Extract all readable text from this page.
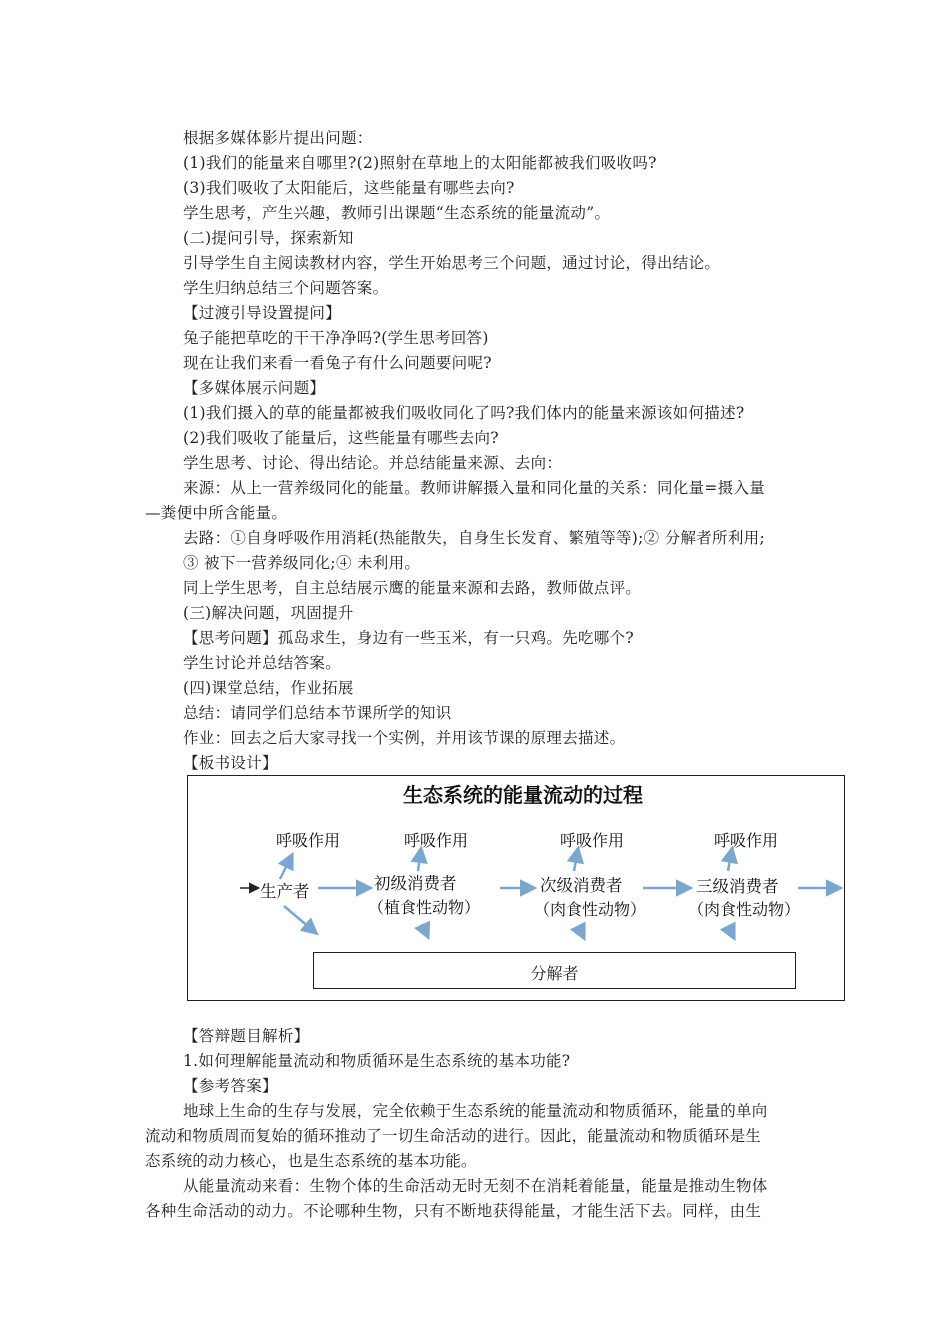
根据多媒体影片提出问题：
(1)我们的能量来自哪里?(2)照射在草地上的太阳能都被我们吸收吗?
(3)我们吸收了太阳能后，这些能量有哪些去向?
学生思考，产生兴趣，教师引出课题“生态系统的能量流动”。
(二)提问引导，探索新知
引导学生自主阅读教材内容，学生开始思考三个问题，通过讨论，得出结论。
学生归纳总结三个问题答案。
【过渡引导设置提问】
兔子能把草吃的干干净净吗?(学生思考回答)
现在让我们来看一看兔子有什么问题要问呢?
【多媒体展示问题】
(1)我们摄入的草的能量都被我们吸收同化了吗?我们体内的能量来源该如何描述?
(2)我们吸收了能量后，这些能量有哪些去向?
学生思考、讨论、得出结论。并总结能量来源、去向：
来源：从上一营养级同化的能量。教师讲解摄入量和同化量的关系：同化量=摄入量
—粪便中所含能量。
去路：①自身呼吸作用消耗(热能散失，自身生长发育、繁殖等等);② 分解者所利用;
③ 被下一营养级同化;④ 未利用。
同上学生思考，自主总结展示鹰的能量来源和去路，教师做点评。
(三)解决问题，巩固提升
【思考问题】孤岛求生，身边有一些玉米，有一只鸡。先吃哪个?
学生讨论并总结答案。
(四)课堂总结，作业拓展
总结：请同学们总结本节课所学的知识
作业：回去之后大家寻找一个实例，并用该节课的原理去描述。
【板书设计】
生态系统的能量流动的过程
呼吸作用	呼吸作用	呼吸作用	呼吸作用
生产者	初级消费者
（植食性动物）
次级消费者
（肉食性动物）
三级消费者
（肉食性动物）
分解者
【答辩题目解析】
1.如何理解能量流动和物质循环是生态系统的基本功能?
【参考答案】
地球上生命的生存与发展，完全依赖于生态系统的能量流动和物质循环，能量的单向
流动和物质周而复始的循环推动了一切生命活动的进行。因此，能量流动和物质循环是生
态系统的动力核心，也是生态系统的基本功能。
从能量流动来看：生物个体的生命活动无时无刻不在消耗着能量，能量是推动生物体
各种生命活动的动力。不论哪种生物，只有不断地获得能量，才能生活下去。同样，由生
